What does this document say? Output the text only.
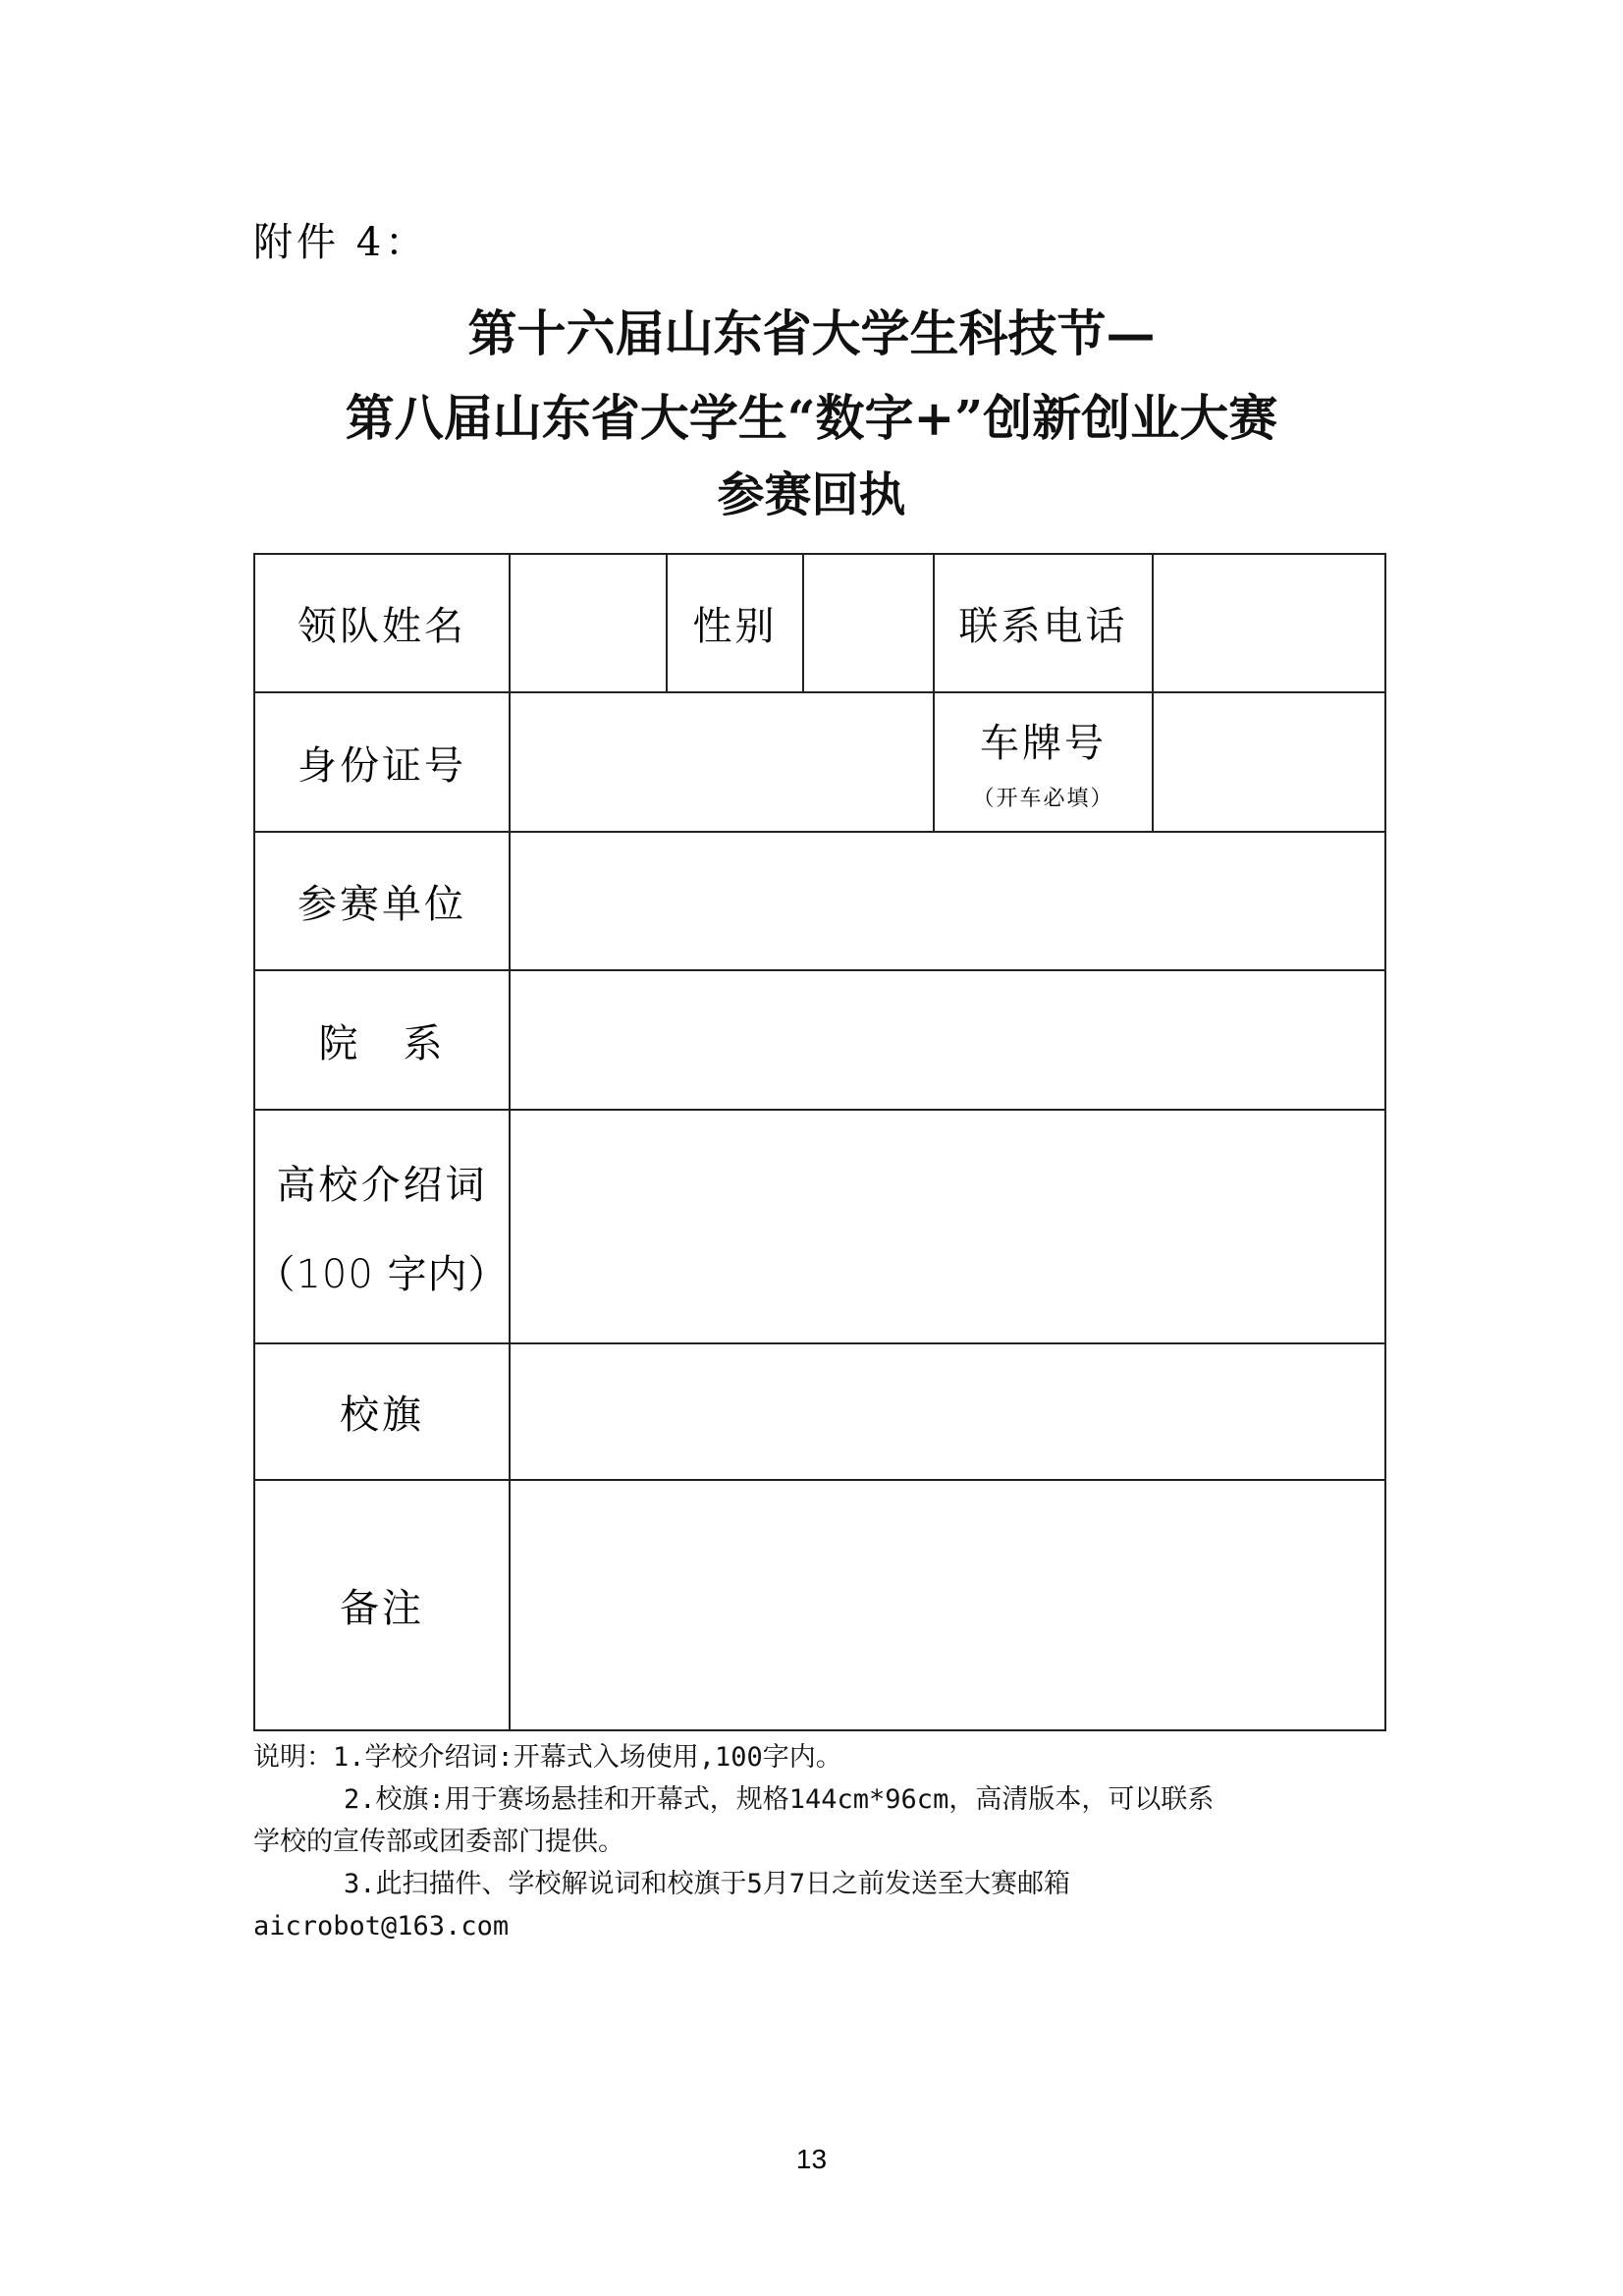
附件 4：
第十六届山东省大学生科技节—
第八届山东省大学生“数字+”创新创业大赛
参赛回执
领队姓名		性别		联系电话	
身份证号				车牌号
（开车必填）	

参赛单位					
院　系					

高校介绍词
（100 字内）					

校旗					
备注					

说明：1.学校介绍词:开幕式入场使用,100字内。

2.校旗:用于赛场悬挂和开幕式，规格144cm*96cm，高清版本，可以联系

学校的宣传部或团委部门提供。

3.此扫描件、学校解说词和校旗于5月7日之前发送至大赛邮箱

aicrobot@163.com

13
